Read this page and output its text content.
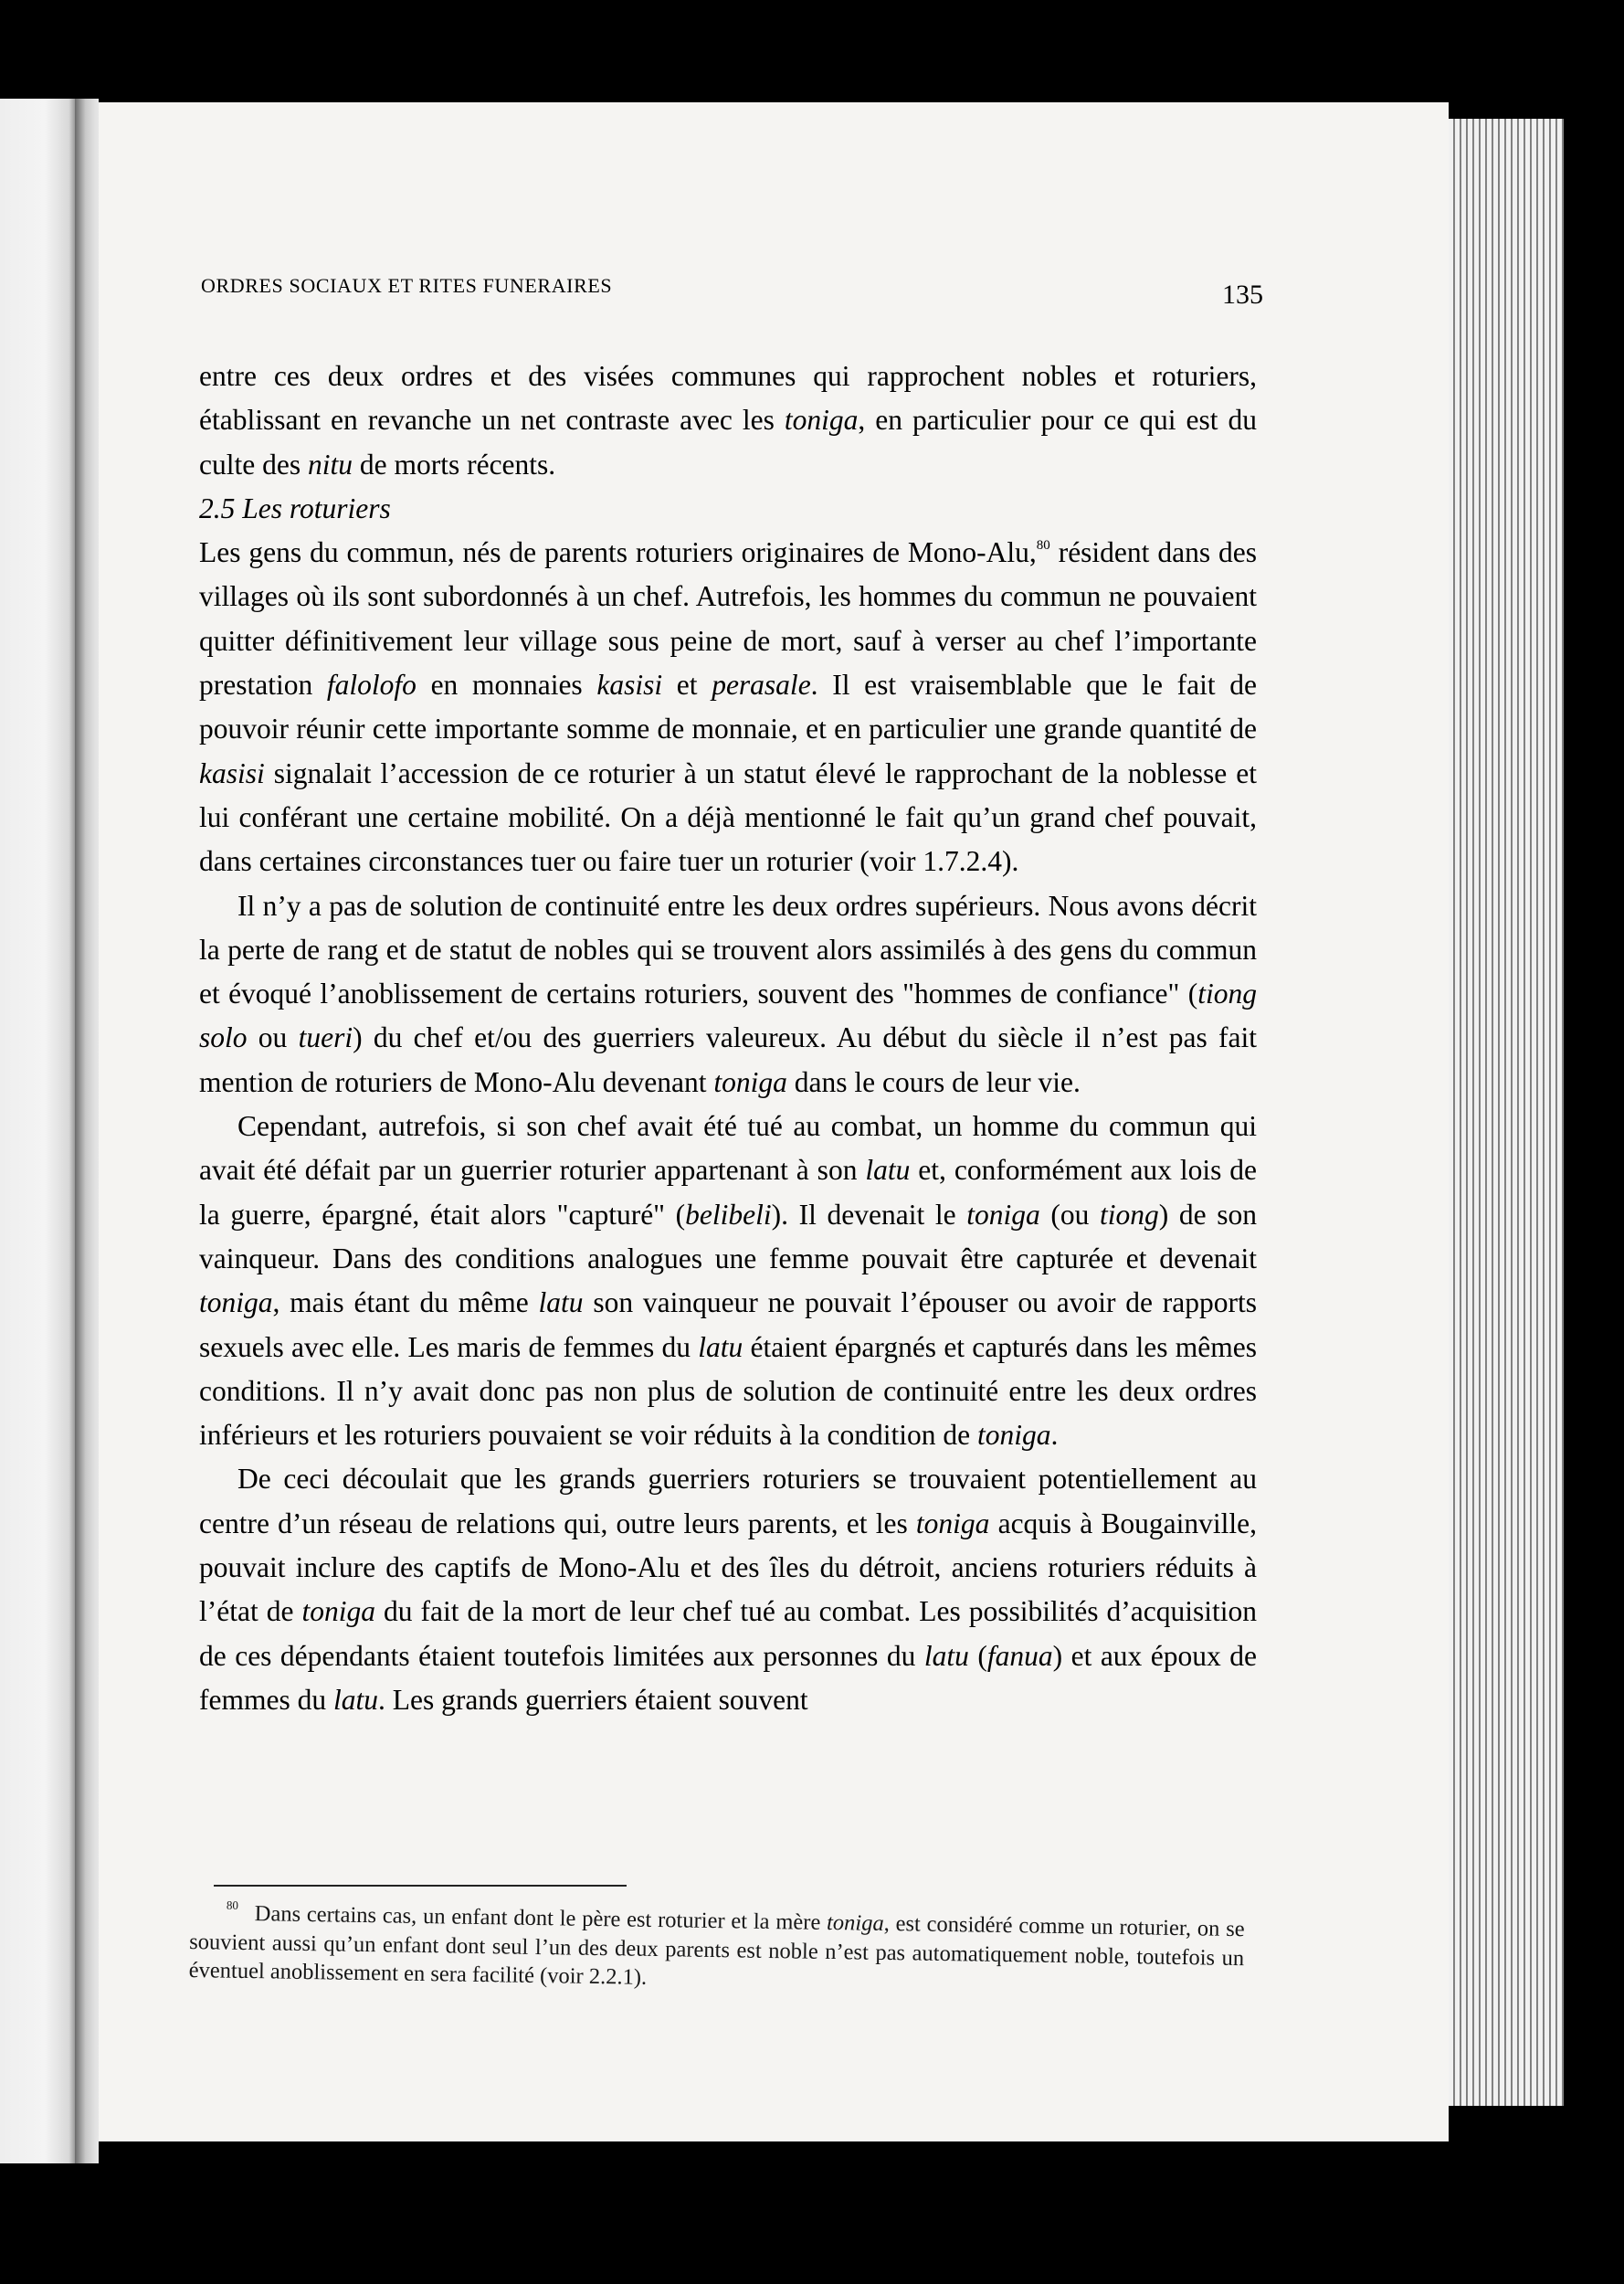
ORDRES SOCIAUX ET RITES FUNERAIRES	135

entre ces deux ordres et des visées communes qui rapprochent nobles et roturiers, établissant en revanche un net contraste avec les toniga, en particulier pour ce qui est du culte des nitu de morts récents.

2.5 Les roturiers

Les gens du commun, nés de parents roturiers originaires de Mono-Alu,$^{80}$ résident dans des villages où ils sont subordonnés à un chef. Autrefois, les hommes du commun ne pouvaient quitter définitivement leur village sous peine de mort, sauf à verser au chef l’importante prestation falolofo en monnaies kasisi et perasale. Il est vraisemblable que le fait de pouvoir réunir cette importante somme de monnaie, et en particulier une grande quantité de kasisi signalait l’accession de ce roturier à un statut élevé le rapprochant de la noblesse et lui conférant une certaine mobilité. On a déjà mentionné le fait qu’un grand chef pouvait, dans certaines circonstances tuer ou faire tuer un roturier (voir 1.7.2.4).

Il n’y a pas de solution de continuité entre les deux ordres supérieurs. Nous avons décrit la perte de rang et de statut de nobles qui se trouvent alors assimilés à des gens du commun et évoqué l’anoblissement de certains roturiers, souvent des "hommes de confiance" (tiong solo ou tueri) du chef et/ou des guerriers valeureux. Au début du siècle il n’est pas fait mention de roturiers de Mono-Alu devenant toniga dans le cours de leur vie.

Cependant, autrefois, si son chef avait été tué au combat, un homme du commun qui avait été défait par un guerrier roturier appartenant à son latu et, conformément aux lois de la guerre, épargné, était alors "capturé" (belibeli). Il devenait le toniga (ou tiong) de son vainqueur. Dans des conditions analogues une femme pouvait être capturée et devenait toniga, mais étant du même latu son vainqueur ne pouvait l’épouser ou avoir de rapports sexuels avec elle. Les maris de femmes du latu étaient épargnés et capturés dans les mêmes conditions. Il n’y avait donc pas non plus de solution de continuité entre les deux ordres inférieurs et les roturiers pouvaient se voir réduits à la condition de toniga.

De ceci découlait que les grands guerriers roturiers se trouvaient potentiellement au centre d’un réseau de relations qui, outre leurs parents, et les toniga acquis à Bougainville, pouvait inclure des captifs de Mono-Alu et des îles du détroit, anciens roturiers réduits à l’état de toniga du fait de la mort de leur chef tué au combat. Les possibilités d’acquisition de ces dépendants étaient toutefois limitées aux personnes du latu (fanua) et aux époux de femmes du latu. Les grands guerriers étaient souvent

$^{80}$ Dans certains cas, un enfant dont le père est roturier et la mère toniga, est considéré comme un roturier, on se souvient aussi qu’un enfant dont seul l’un des deux parents est noble n’est pas automatiquement noble, toutefois un éventuel anoblissement en sera facilité (voir 2.2.1).
